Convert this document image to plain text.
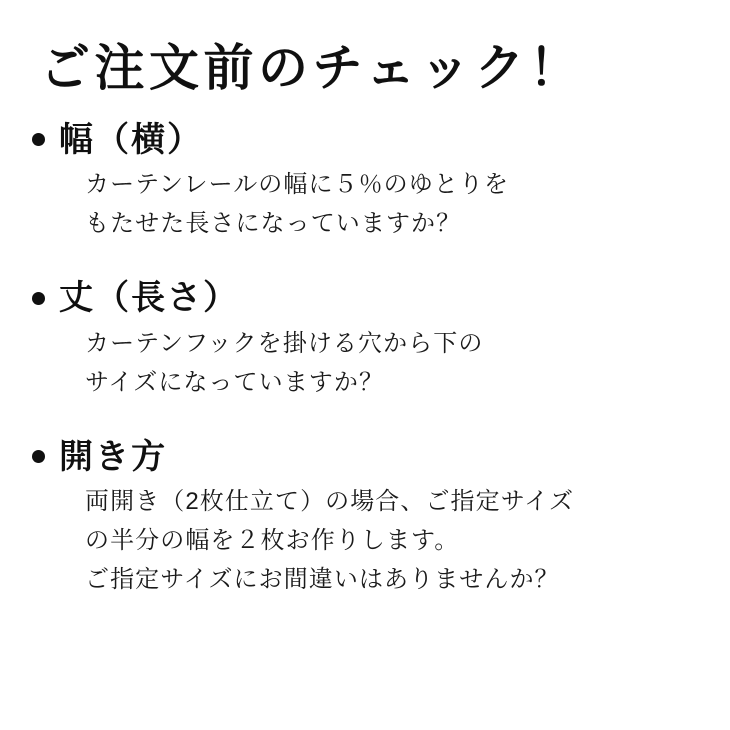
ご注文前のチェック！
幅（横）
カーテンレールの幅に５％のゆとりを
もたせた長さになっていますか？
丈（長さ）
カーテンフックを掛ける穴から下の
サイズになっていますか？
開き方
両開き（2枚仕立て）の場合、ご指定サイズ
の半分の幅を２枚お作りします。
ご指定サイズにお間違いはありませんか？
